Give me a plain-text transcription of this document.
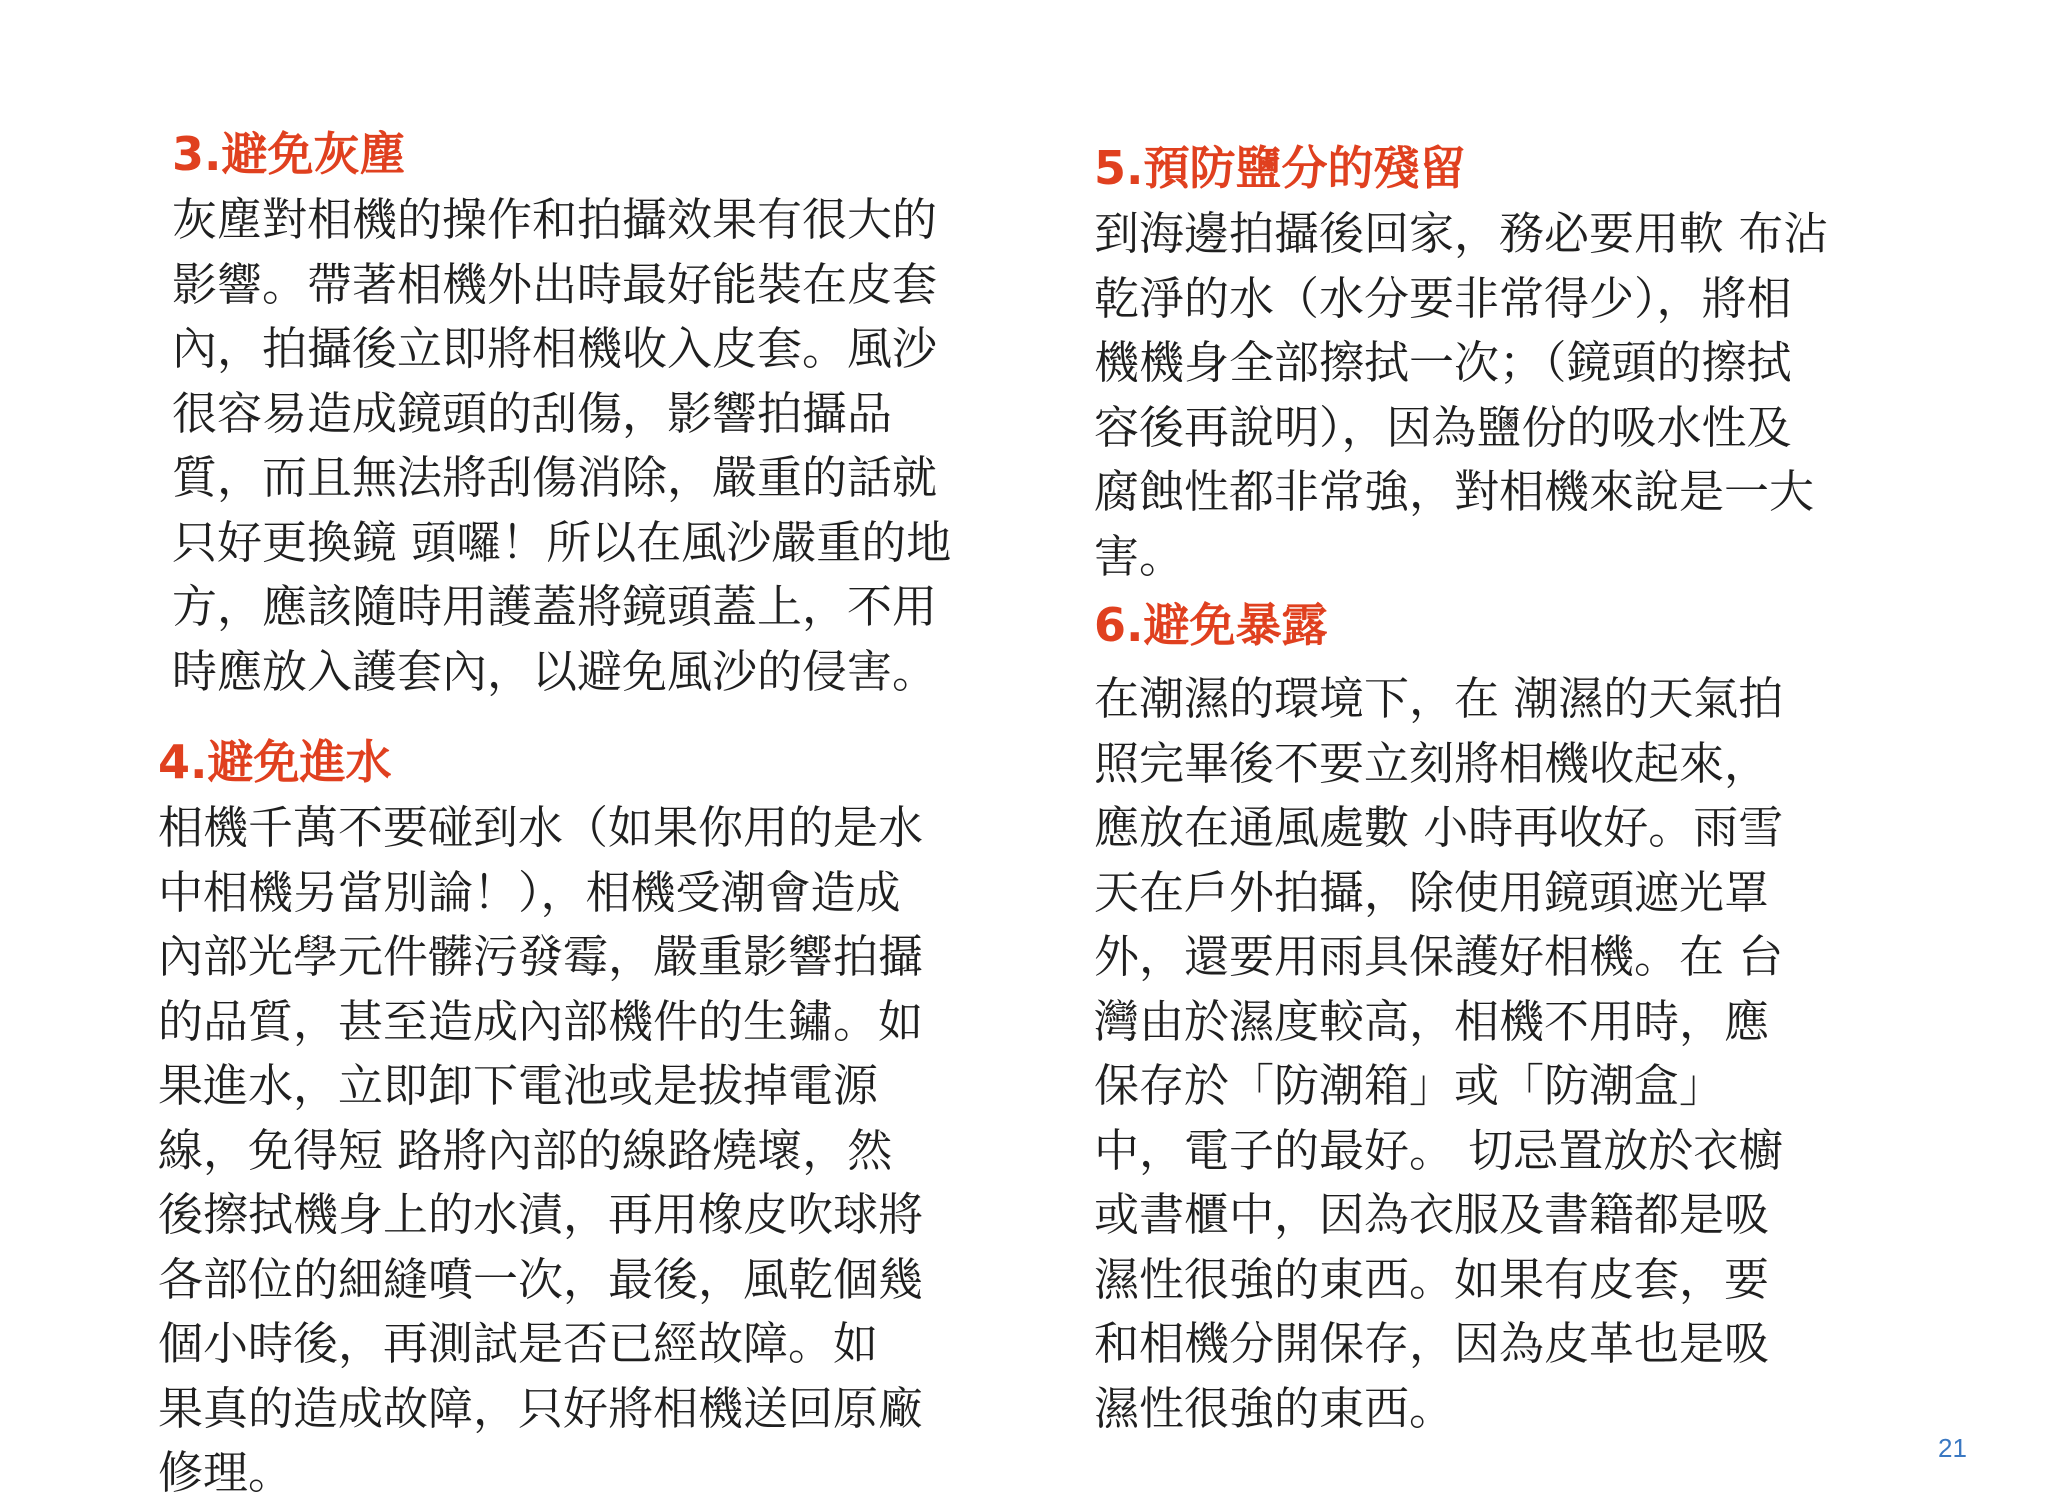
3.避免灰塵

灰塵對相機的操作和拍攝效果有很大的

影響。帶著相機外出時最好能裝在皮套

內，拍攝後立即將相機收入皮套。風沙

很容易造成鏡頭的刮傷，影響拍攝品

質，而且無法將刮傷消除，嚴重的話就

只好更換鏡 頭囉！所以在風沙嚴重的地

方，應該隨時用護蓋將鏡頭蓋上，不用

時應放入護套內，以避免風沙的侵害。

4.避免進水

相機千萬不要碰到水（如果你用的是水

中相機另當別論！），相機受潮會造成

內部光學元件髒污發霉，嚴重影響拍攝

的品質，甚至造成內部機件的生鏽。如

果進水，立即卸下電池或是拔掉電源

線，免得短 路將內部的線路燒壞，然

後擦拭機身上的水漬，再用橡皮吹球將

各部位的細縫噴一次，最後，風乾個幾

個小時後，再測試是否已經故障。如

果真的造成故障，只好將相機送回原廠

修理。

5.預防鹽分的殘留

到海邊拍攝後回家，務必要用軟 布沾

乾淨的水（水分要非常得少），將相

機機身全部擦拭一次；（鏡頭的擦拭

容後再說明），因為鹽份的吸水性及

腐蝕性都非常強，對相機來說是一大

害。

6.避免暴露

在潮濕的環境下，在 潮濕的天氣拍

照完畢後不要立刻將相機收起來，

應放在通風處數 小時再收好。雨雪

天在戶外拍攝，除使用鏡頭遮光罩

外，還要用雨具保護好相機。在 台

灣由於濕度較高，相機不用時，應

保存於「防潮箱」或「防潮盒」

中，電子的最好。 切忌置放於衣櫥

或書櫃中，因為衣服及書籍都是吸

濕性很強的東西。如果有皮套，要

和相機分開保存，因為皮革也是吸

濕性很強的東西。

21
